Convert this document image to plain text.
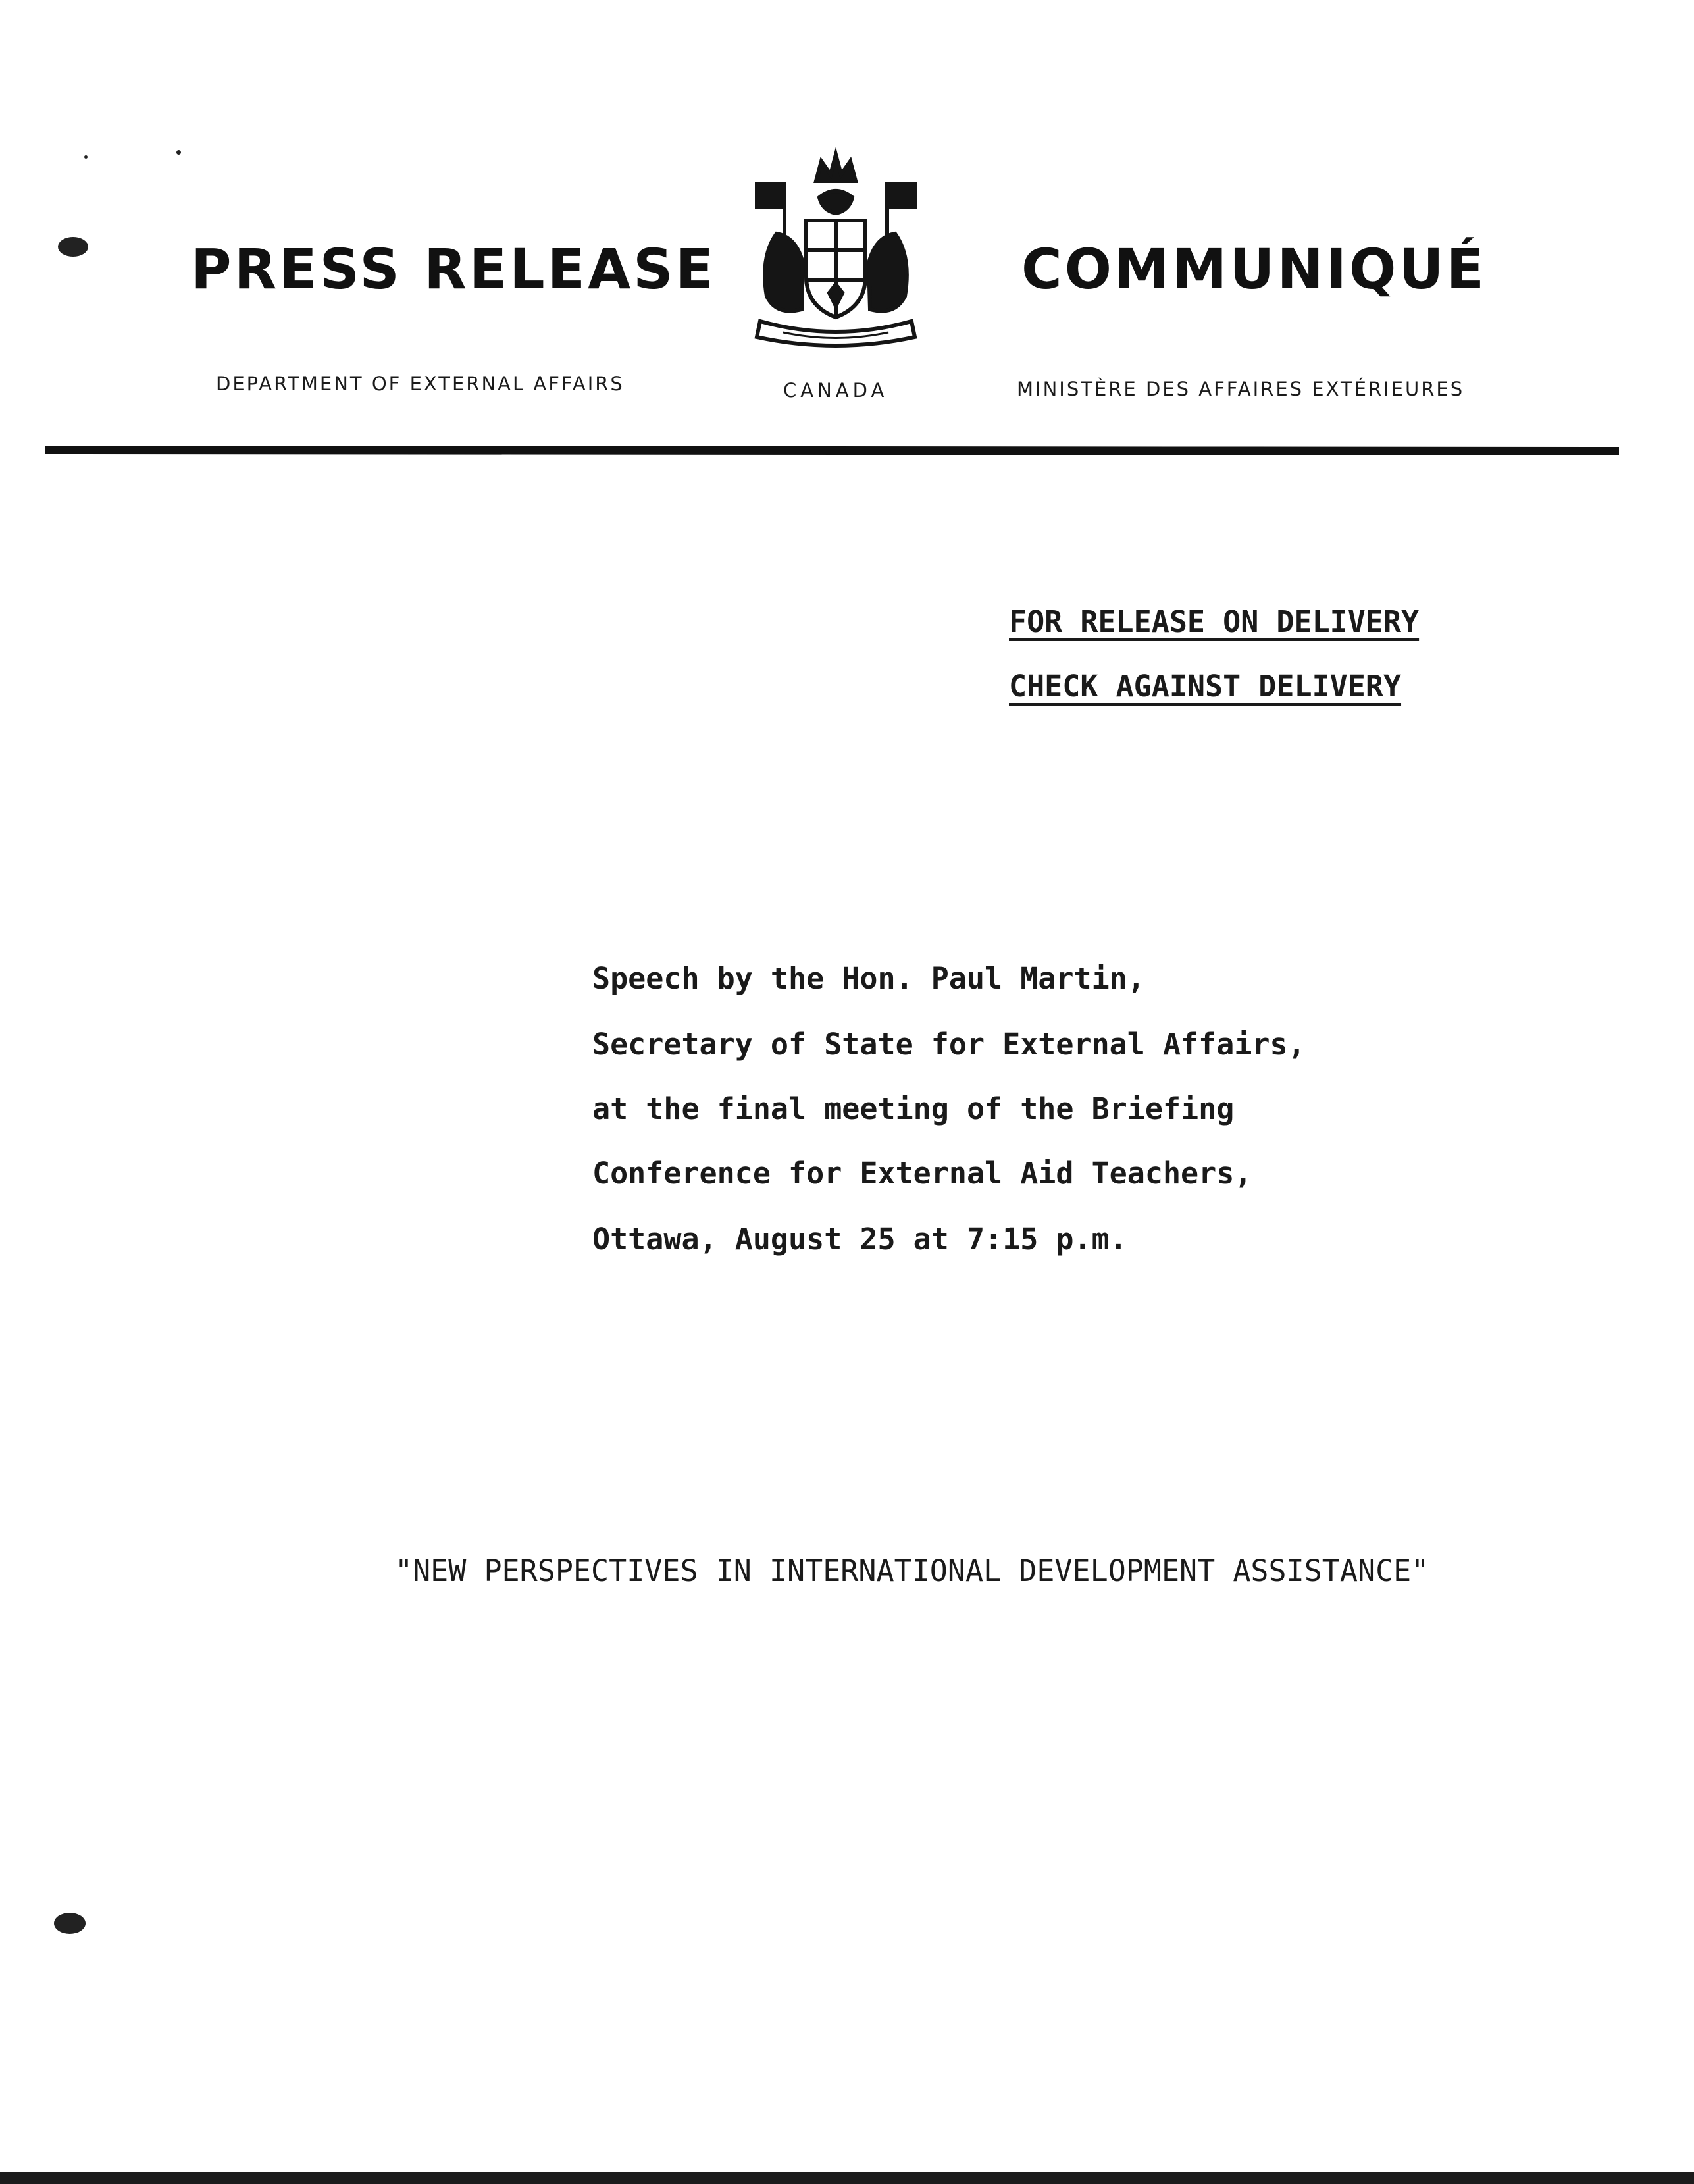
PRESS RELEASE
DEPARTMENT OF EXTERNAL AFFAIRS	CANADA
COMMUNIQUÉ
MINISTÈRE DES AFFAIRES EXTÉRIEURES
FOR RELEASE ON DELIVERY
CHECK AGAINST DELIVERY
Speech by the Hon. Paul Martin,
Secretary of State for External Affairs,
at the final meeting of the Briefing
Conference for External Aid Teachers,
Ottawa, August 25 at 7:15 p.m.
"NEW PERSPECTIVES IN INTERNATIONAL DEVELOPMENT ASSISTANCE"
